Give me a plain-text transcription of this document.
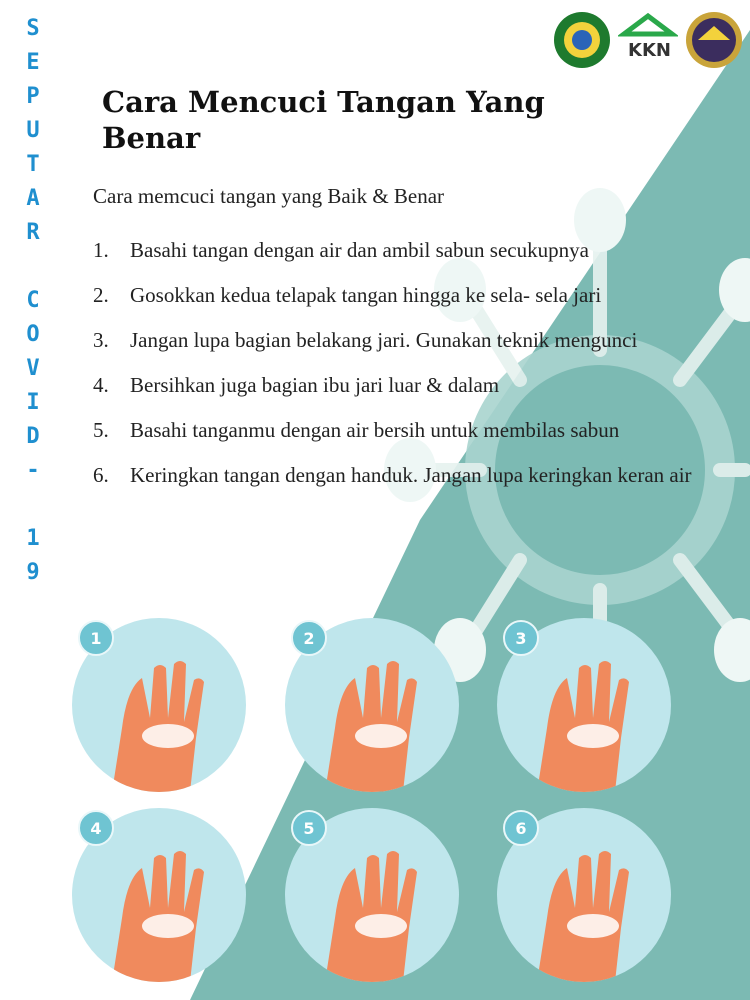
S
E
P
U
T
A
R

C
O
V
I
D
-

1
9
KKN
Cara Mencuci Tangan Yang Benar
Cara memcuci tangan yang Baik & Benar
1.	Basahi tangan dengan air dan ambil sabun secukupnya
2.	Gosokkan kedua telapak tangan hingga ke sela- sela jari
3.	Jangan lupa bagian belakang jari. Gunakan teknik mengunci
4.	Bersihkan juga bagian ibu jari luar & dalam
5.	Basahi tanganmu dengan air bersih untuk membilas sabun
6.	Keringkan tangan dengan handuk. Jangan lupa keringkan keran air
1	2	3
4	5	6
